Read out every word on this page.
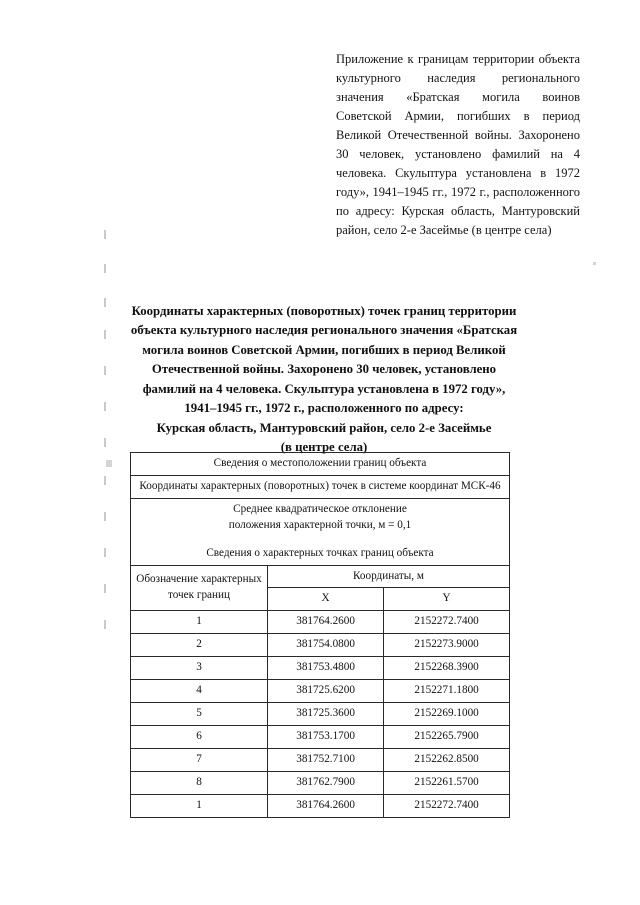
Приложение к границам территории объекта культурного наследия регионального значения «Братская могила воинов Советской Армии, погибших в период Великой Отечественной войны. Захоронено 30 человек, установлено фамилий на 4 человека. Скульптура установлена в 1972 году», 1941–1945 гг., 1972 г., расположенного по адресу: Курская область, Мантуровский район, село 2-е Засеймье (в центре села)
Координаты характерных (поворотных) точек границ территории
объекта культурного наследия регионального значения «Братская
могила воинов Советской Армии, погибших в период Великой
Отечественной войны. Захоронено 30 человек, установлено
фамилий на 4 человека. Скульптура установлена в 1972 году»,
1941–1945 гг., 1972 г., расположенного по адресу:
Курская область, Мантуровский район, село 2-е Засеймье
(в центре села)
Сведения о местоположении границ объекта		
Координаты характерных (поворотных) точек в системе координат МСК-46		

Среднее квадратическое отклонение
положения характерной точки, м = 0,1
Сведения о характерных точках границ объекта		

Обозначение характерных точек границ	Координаты, м	
	X	Y
1	381764.2600	2152272.7400
2	381754.0800	2152273.9000
3	381753.4800	2152268.3900
4	381725.6200	2152271.1800
5	381725.3600	2152269.1000
6	381753.1700	2152265.7900
7	381752.7100	2152262.8500
8	381762.7900	2152261.5700
1	381764.2600	2152272.7400
